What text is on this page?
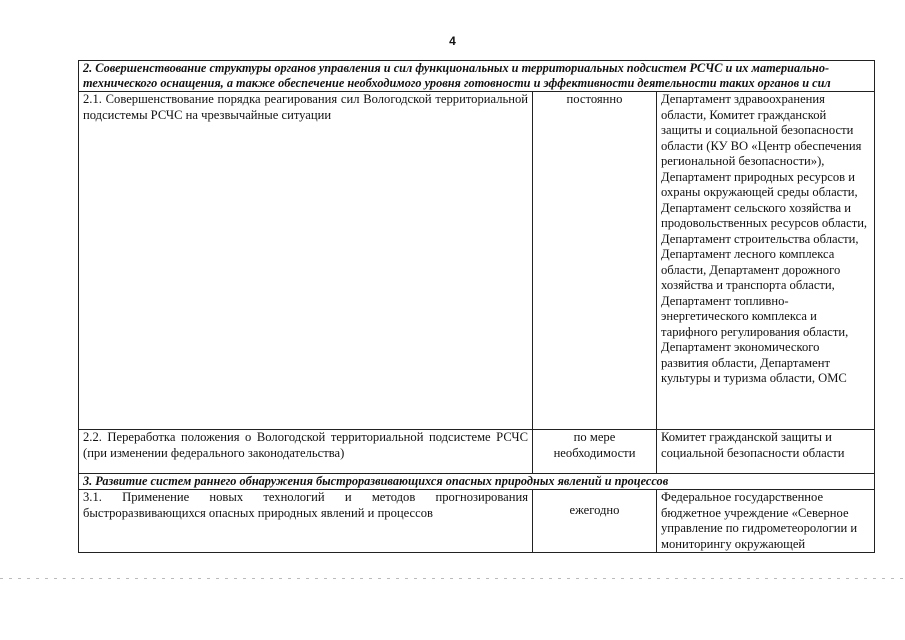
4
2. Совершенствование структуры органов управления и сил функциональных и территориальных подсистем РСЧС и их материально-технического оснащения, а также обеспечение необходимого уровня готовности и эффективности деятельности таких органов и сил		
2.1. Совершенствование порядка реагирования сил Вологодской территориальной подсистемы РСЧС на чрезвычайные ситуации	постоянно	Департамент здравоохранения области, Комитет гражданской защиты и социальной безопасности области (КУ ВО «Центр обеспечения региональной безопасности»), Департамент природных ресурсов и охраны окружающей среды области, Департамент сельского хозяйства и продовольственных ресурсов области, Департамент строительства области, Департамент лесного комплекса области, Департамент дорожного хозяйства и транспорта области, Департамент топливно-энергетического комплекса и тарифного регулирования области, Департамент экономического развития области, Департамент культуры и туризма области, ОМС
2.2. Переработка положения о Вологодской территориальной подсистеме РСЧС (при изменении федерального законодательства)	по мере необходимости	Комитет гражданской защиты и социальной безопасности области
3. Развитие систем раннего обнаружения быстроразвивающихся опасных природных явлений и процессов		
3.1. Применение новых технологий и методов прогнозирования быстроразвивающихся опасных природных явлений и процессов	ежегодно	Федеральное государственное бюджетное учреждение «Северное управление по гидрометеорологии и мониторингу окружающей
